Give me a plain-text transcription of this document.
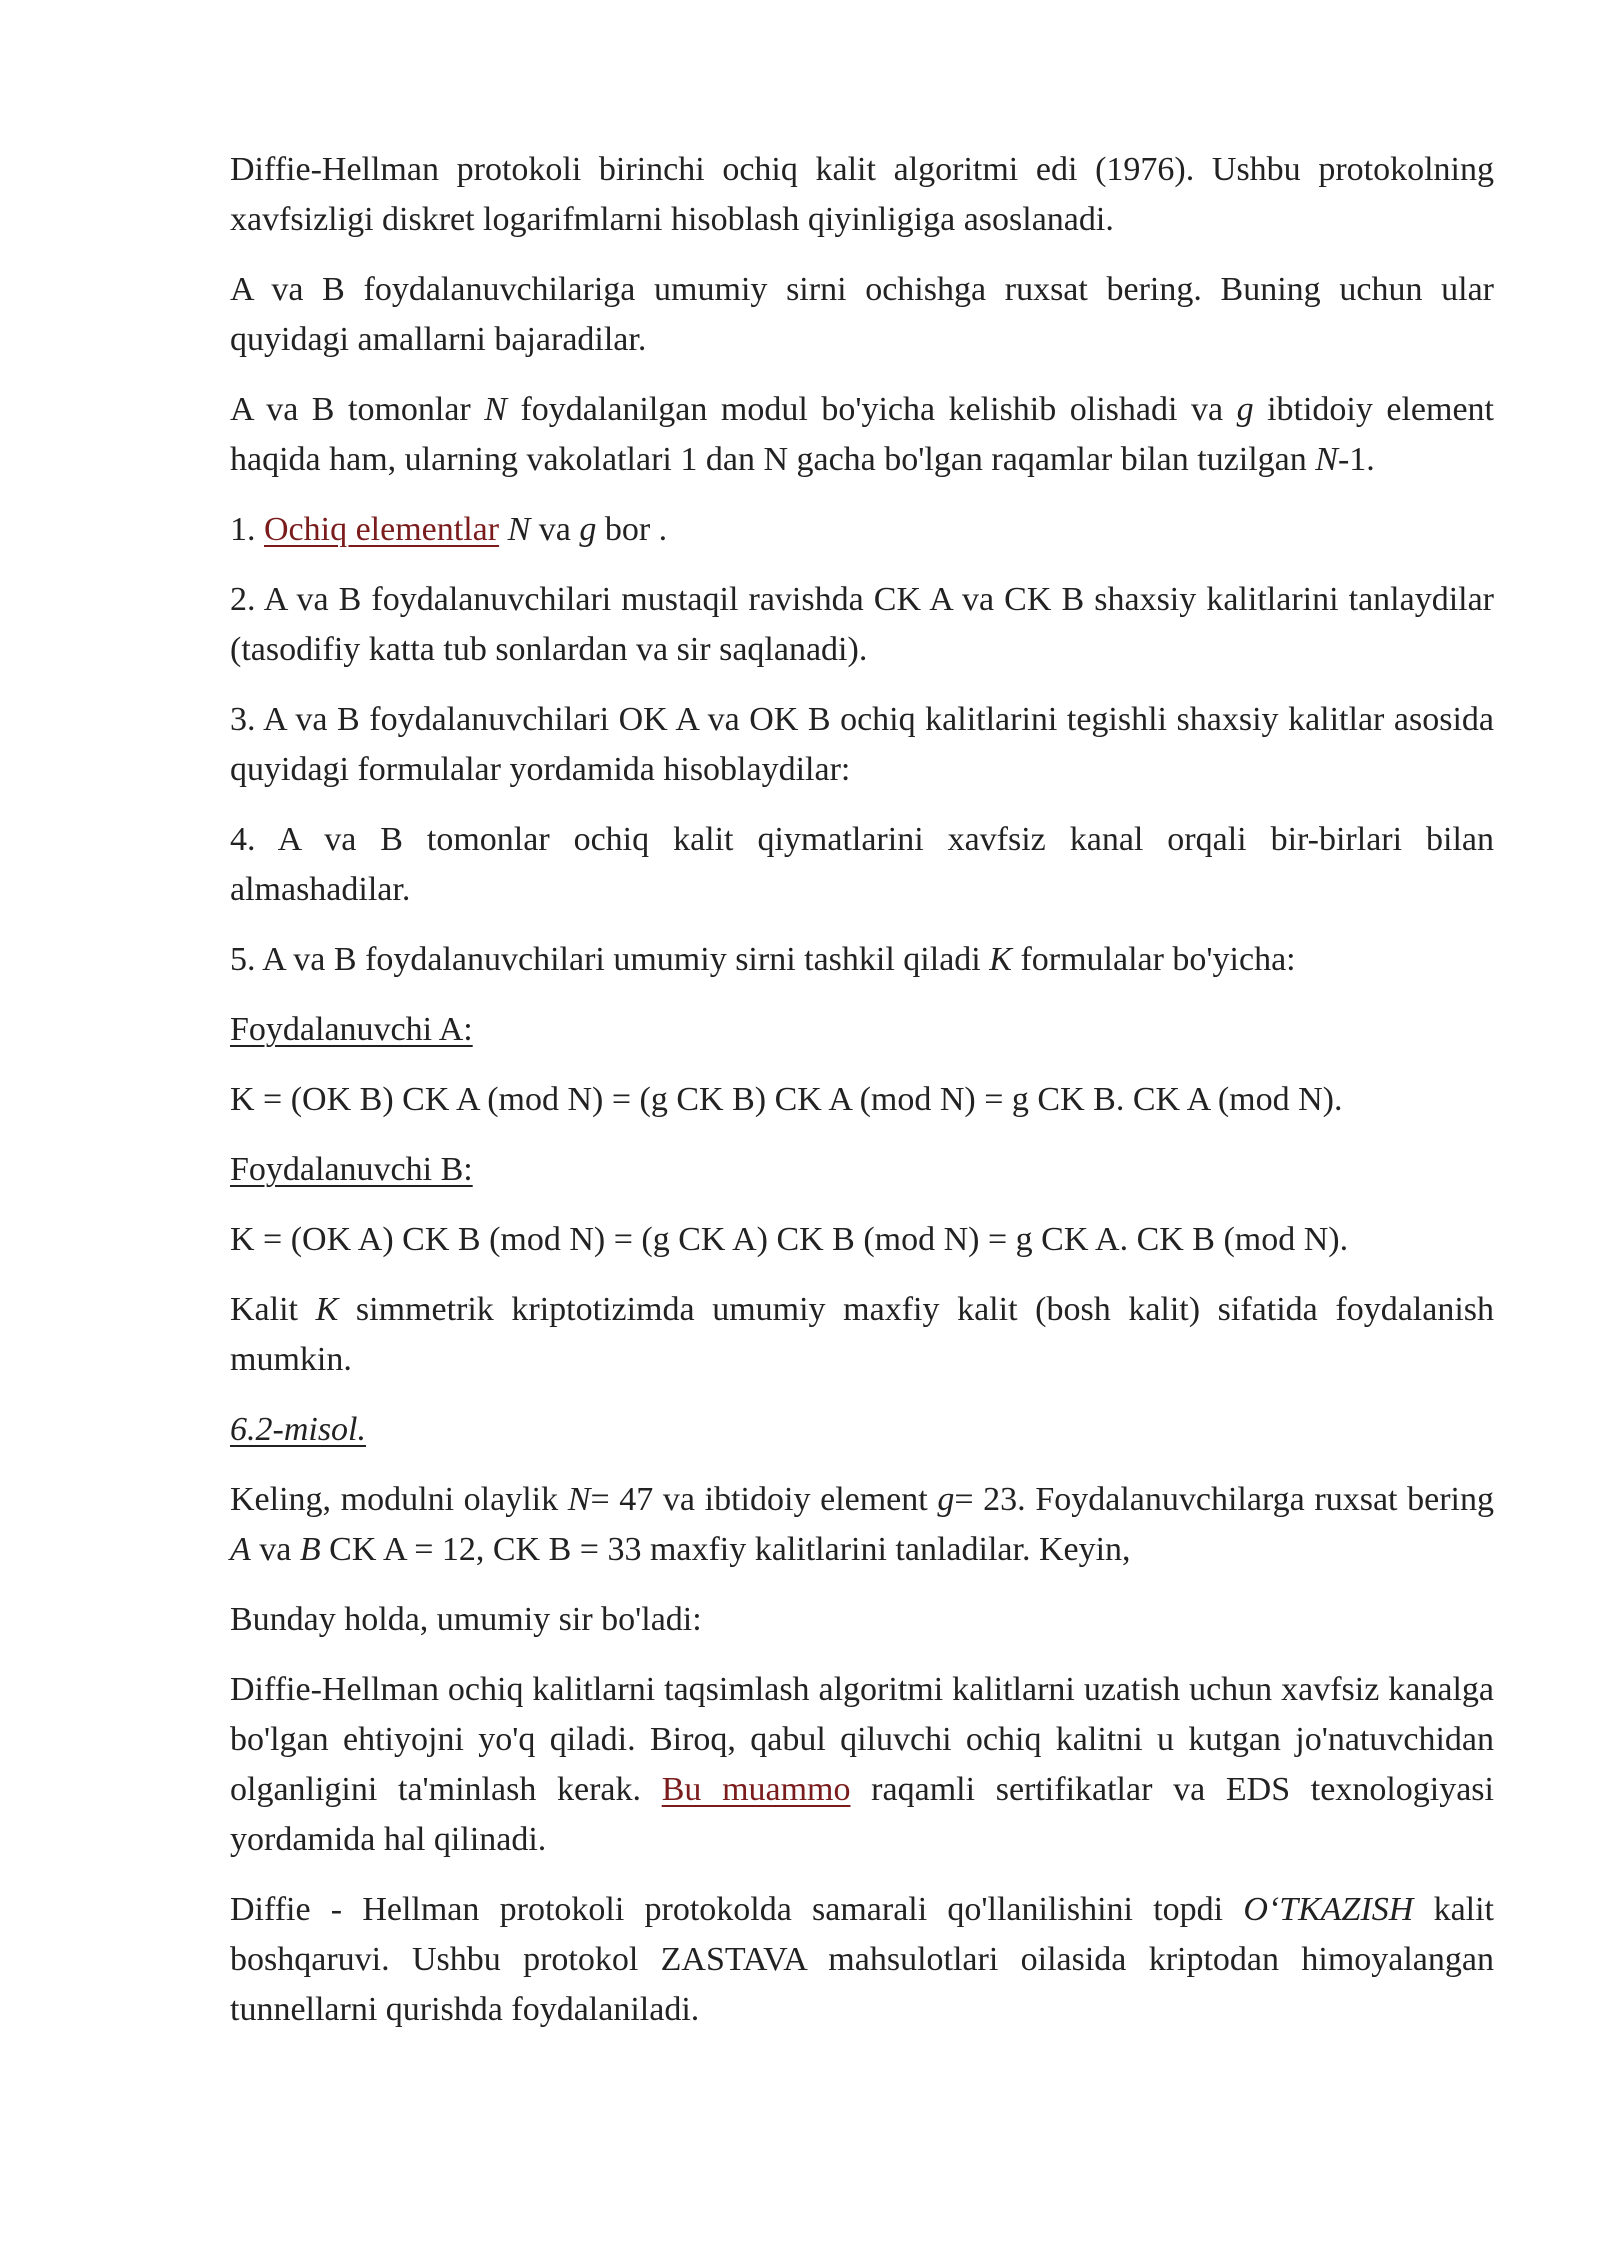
Diffie-Hellman protokoli birinchi ochiq kalit algoritmi edi (1976). Ushbu protokolning xavfsizligi diskret logarifmlarni hisoblash qiyinligiga asoslanadi.

A va B foydalanuvchilariga umumiy sirni ochishga ruxsat bering. Buning uchun ular quyidagi amallarni bajaradilar.

A va B tomonlar N foydalanilgan modul bo'yicha kelishib olishadi va g ibtidoiy element haqida ham, ularning vakolatlari 1 dan N gacha bo'lgan raqamlar bilan tuzilgan N-1.

1. Ochiq elementlar N va g bor .

2. A va B foydalanuvchilari mustaqil ravishda CK A va CK B shaxsiy kalitlarini tanlaydilar (tasodifiy katta tub sonlardan va sir saqlanadi).

3. A va B foydalanuvchilari OK A va OK B ochiq kalitlarini tegishli shaxsiy kalitlar asosida quyidagi formulalar yordamida hisoblaydilar:

4. A va B tomonlar ochiq kalit qiymatlarini xavfsiz kanal orqali bir-birlari bilan almashadilar.

5. A va B foydalanuvchilari umumiy sirni tashkil qiladi K formulalar bo'yicha:

Foydalanuvchi A:

K = (OK B) CK A (mod N) = (g CK B) CK A (mod N) = g CK B. CK A (mod N).

Foydalanuvchi B:

K = (OK A) CK B (mod N) = (g CK A) CK B (mod N) = g CK A. CK B (mod N).

Kalit K simmetrik kriptotizimda umumiy maxfiy kalit (bosh kalit) sifatida foydalanish mumkin.

6.2-misol.

Keling, modulni olaylik N= 47 va ibtidoiy element g= 23. Foydalanuvchilarga ruxsat bering A va B CK A = 12, CK B = 33 maxfiy kalitlarini tanladilar. Keyin,

Bunday holda, umumiy sir bo'ladi:

Diffie-Hellman ochiq kalitlarni taqsimlash algoritmi kalitlarni uzatish uchun xavfsiz kanalga bo'lgan ehtiyojni yo'q qiladi. Biroq, qabul qiluvchi ochiq kalitni u kutgan jo'natuvchidan olganligini ta'minlash kerak. Bu muammo raqamli sertifikatlar va EDS texnologiyasi yordamida hal qilinadi.

Diffie - Hellman protokoli protokolda samarali qo'llanilishini topdi O‘TKAZISH kalit boshqaruvi. Ushbu protokol ZASTAVA mahsulotlari oilasida kriptodan himoyalangan tunnellarni qurishda foydalaniladi.
